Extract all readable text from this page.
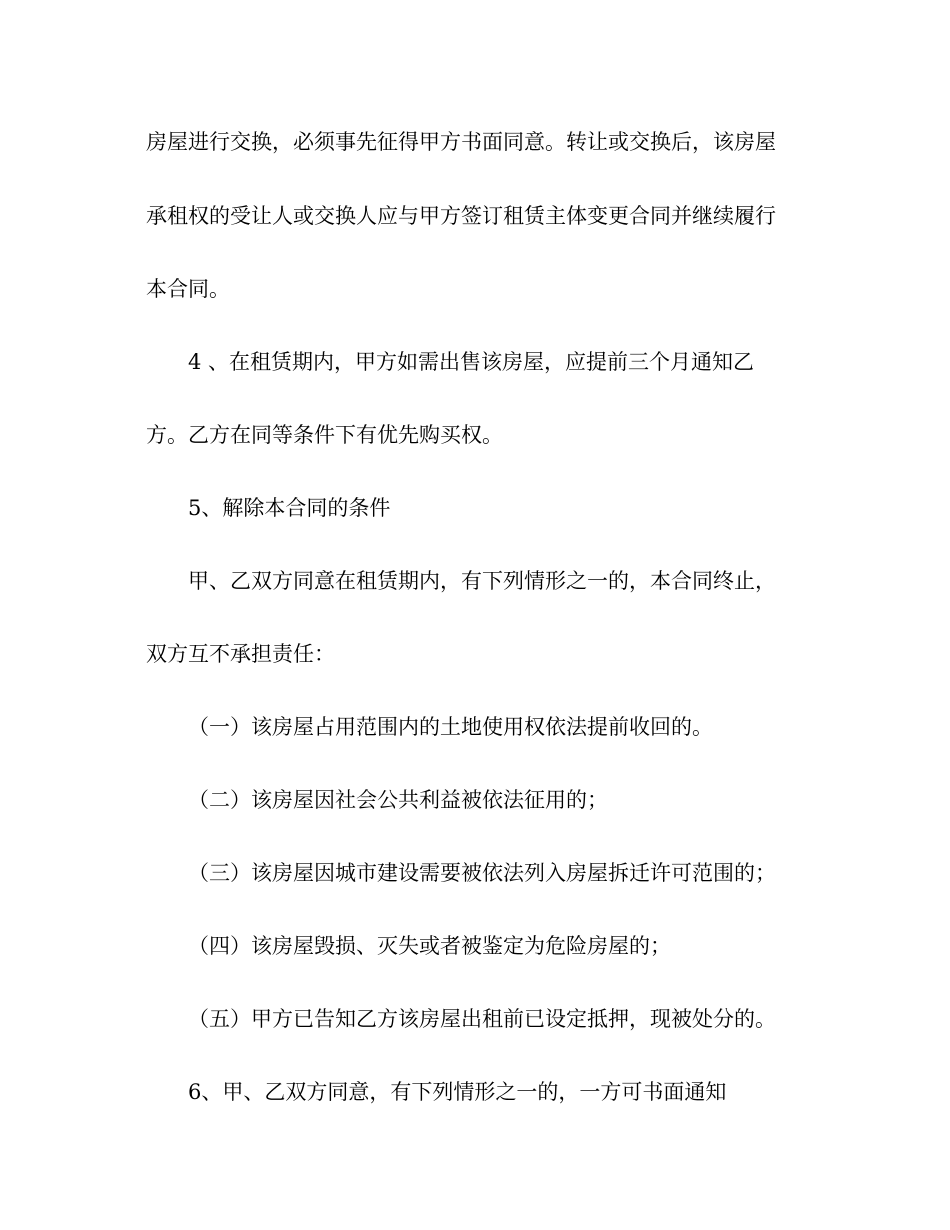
房屋进行交换，必须事先征得甲方书面同意。转让或交换后，该房屋
承租权的受让人或交换人应与甲方签订租赁主体变更合同并继续履行
本合同。
4 、在租赁期内，甲方如需出售该房屋，应提前三个月通知乙
方。乙方在同等条件下有优先购买权。
5、解除本合同的条件
甲、乙双方同意在租赁期内，有下列情形之一的，本合同终止，
双方互不承担责任：
（一）该房屋占用范围内的土地使用权依法提前收回的。
（二）该房屋因社会公共利益被依法征用的；
（三）该房屋因城市建设需要被依法列入房屋拆迁许可范围的；
（四）该房屋毁损、灭失或者被鉴定为危险房屋的；
（五）甲方已告知乙方该房屋出租前已设定抵押，现被处分的。
6、甲、乙双方同意，有下列情形之一的，一方可书面通知
